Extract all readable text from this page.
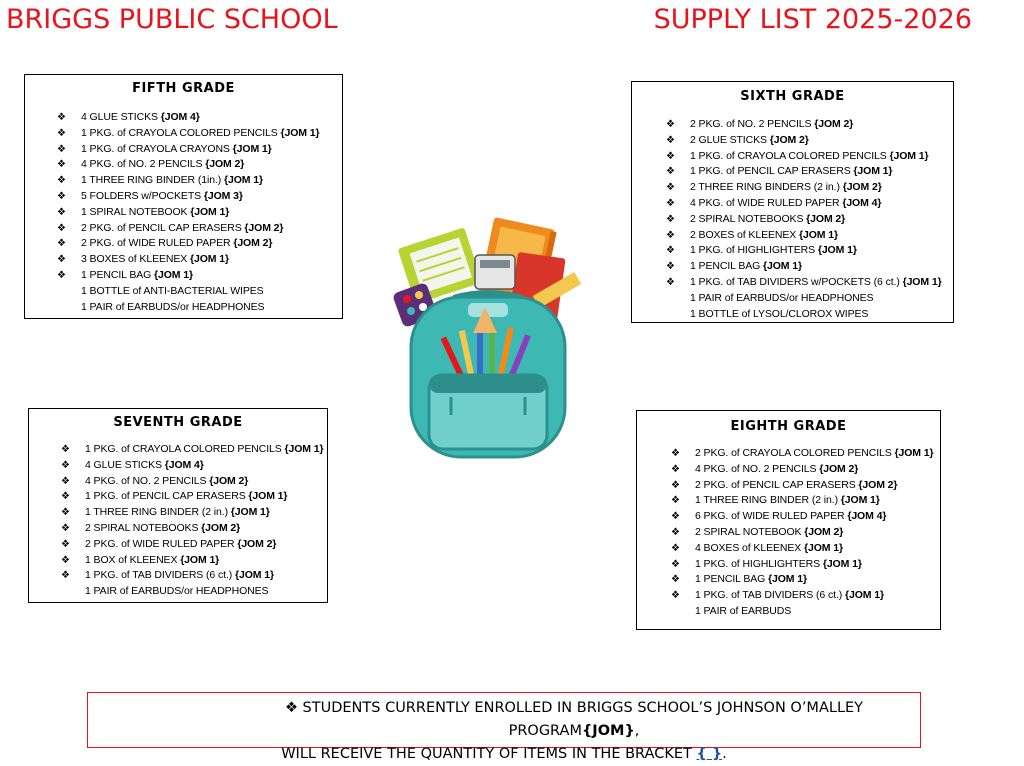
BRIGGS PUBLIC SCHOOL	SUPPLY LIST 2025-2026
FIFTH GRADE
❖ 4 GLUE STICKS {JOM 4}
❖ 1 PKG. of CRAYOLA COLORED PENCILS {JOM 1}
❖ 1 PKG. of CRAYOLA CRAYONS {JOM 1}
❖ 4 PKG. of NO. 2 PENCILS {JOM 2}
❖ 1 THREE RING BINDER (1in.) {JOM 1}
❖ 5 FOLDERS w/POCKETS {JOM 3}
❖ 1 SPIRAL NOTEBOOK {JOM 1}
❖ 2 PKG. of PENCIL CAP ERASERS {JOM 2}
❖ 2 PKG. of WIDE RULED PAPER {JOM 2}
❖ 3 BOXES of KLEENEX {JOM 1}
❖ 1 PENCIL BAG {JOM 1}
1 BOTTLE of ANTI-BACTERIAL WIPES
1 PAIR of EARBUDS/or HEADPHONES
SIXTH GRADE
❖ 2 PKG. of NO. 2 PENCILS {JOM 2}
❖ 2 GLUE STICKS {JOM 2}
❖ 1 PKG. of CRAYOLA COLORED PENCILS {JOM 1}
❖ 1 PKG. of PENCIL CAP ERASERS {JOM 1}
❖ 2 THREE RING BINDERS (2 in.) {JOM 2}
❖ 4 PKG. of WIDE RULED PAPER {JOM 4}
❖ 2 SPIRAL NOTEBOOKS {JOM 2}
❖ 2 BOXES of KLEENEX {JOM 1}
❖ 1 PKG. of HIGHLIGHTERS {JOM 1}
❖ 1 PENCIL BAG {JOM 1}
❖ 1 PKG. of TAB DIVIDERS w/POCKETS (6 ct.) {JOM 1}
1 PAIR of EARBUDS/or HEADPHONES
1 BOTTLE of LYSOL/CLOROX WIPES
SEVENTH GRADE
❖ 1 PKG. of CRAYOLA COLORED PENCILS {JOM 1}
❖ 4 GLUE STICKS {JOM 4}
❖ 4 PKG. of NO. 2 PENCILS {JOM 2}
❖ 1 PKG. of PENCIL CAP ERASERS {JOM 1}
❖ 1 THREE RING BINDER (2 in.) {JOM 1}
❖ 2 SPIRAL NOTEBOOKS {JOM 2}
❖ 2 PKG. of WIDE RULED PAPER {JOM 2}
❖ 1 BOX of KLEENEX {JOM 1}
❖ 1 PKG. of TAB DIVIDERS (6 ct.) {JOM 1}
1 PAIR of EARBUDS/or HEADPHONES
EIGHTH GRADE
❖ 2 PKG. of CRAYOLA COLORED PENCILS {JOM 1}
❖ 4 PKG. of NO. 2 PENCILS {JOM 2}
❖ 2 PKG. of PENCIL CAP ERASERS {JOM 2}
❖ 1 THREE RING BINDER (2 in.) {JOM 1}
❖ 6 PKG. of WIDE RULED PAPER {JOM 4}
❖ 2 SPIRAL NOTEBOOK {JOM 2}
❖ 4 BOXES of KLEENEX {JOM 1}
❖ 1 PKG. of HIGHLIGHTERS {JOM 1}
❖ 1 PENCIL BAG {JOM 1}
❖ 1 PKG. of TAB DIVIDERS (6 ct.) {JOM 1}
1 PAIR of EARBUDS
❖ STUDENTS CURRENTLY ENROLLED IN BRIGGS SCHOOL’S JOHNSON O’MALLEY PROGRAM{JOM},
WILL RECEIVE THE QUANTITY OF ITEMS IN THE BRACKET { }.
